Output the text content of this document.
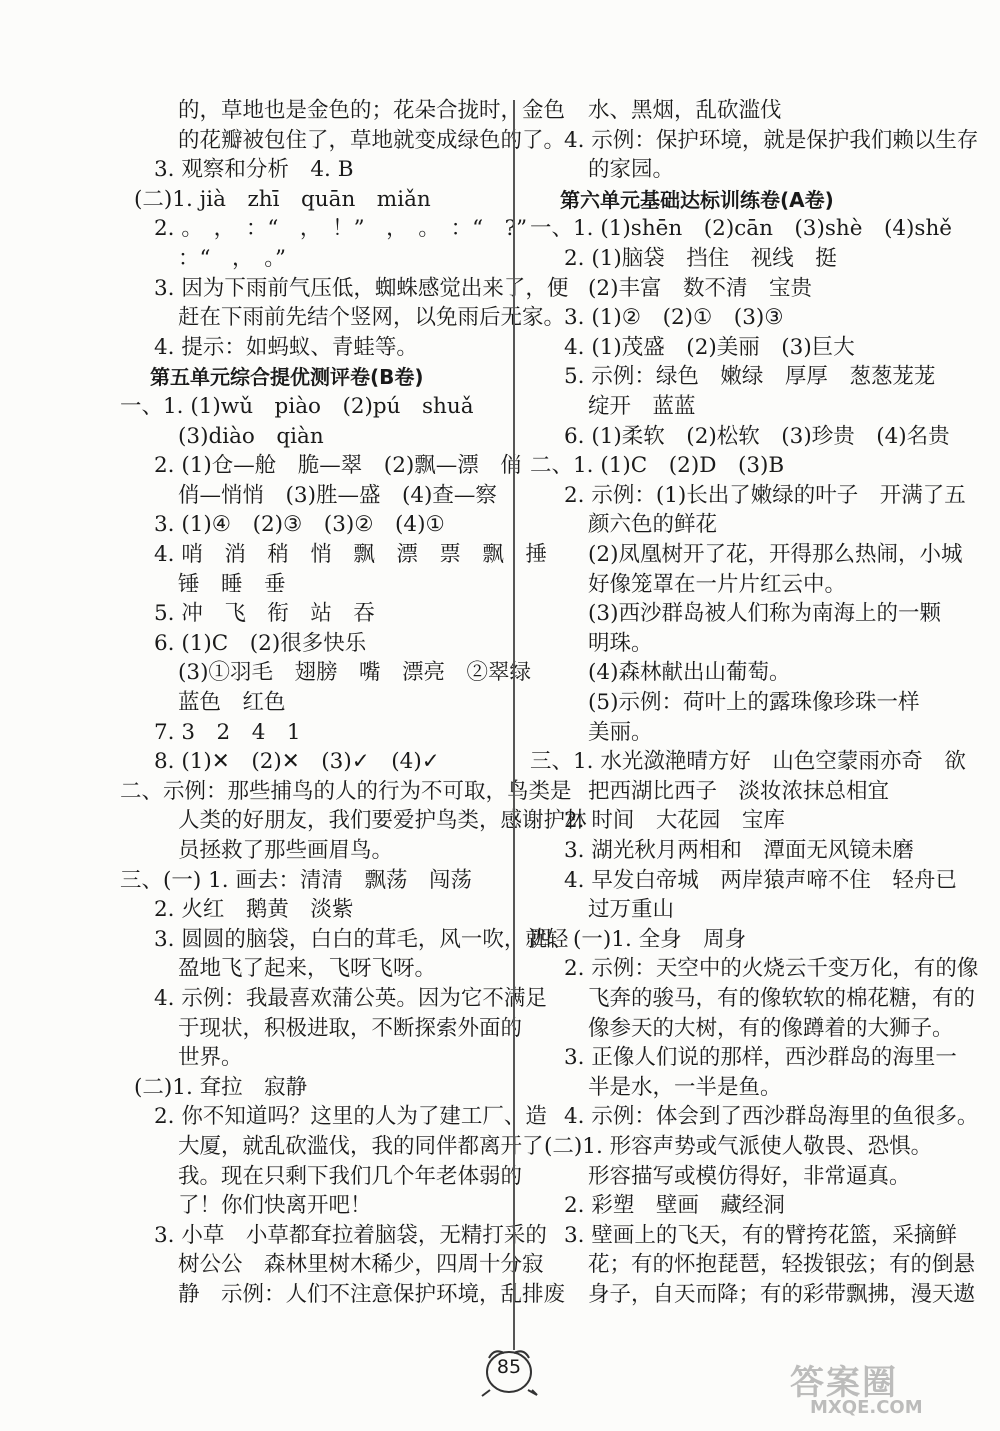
的，草地也是金色的；花朵合拢时，金色
的花瓣被包住了，草地就变成绿色的了。
3. 观察和分析　4. B
(二)1. jià　zhī　quān　miǎn
2. 。　，　：“　，　！”　，　。　：“　?”
：“　，　。”
3. 因为下雨前气压低，蜘蛛感觉出来了，便
赶在下雨前先结个竖网，以免雨后无家。
4. 提示：如蚂蚁、青蛙等。
第五单元综合提优测评卷(B卷)
一、1. (1)wǔ　piào　(2)pú　shuǎ
(3)diào　qiàn
2. (1)仓—舱　脆—翠　(2)飘—漂　俏
俏—悄悄　(3)胜—盛　(4)查—察
3. (1)④　(2)③　(3)②　(4)①
4. 哨　消　稍　悄　飘　漂　票　飘　捶
锤　睡　垂
5. 冲　飞　衔　站　吞
6. (1)C　(2)很多快乐
(3)①羽毛　翅膀　嘴　漂亮　②翠绿
蓝色　红色
7. 3　2　4　1
8. (1)✕　(2)✕　(3)✓　(4)✓
二、示例：那些捕鸟的人的行为不可取，鸟类是
人类的好朋友，我们要爱护鸟类，感谢护林
员拯救了那些画眉鸟。
三、(一) 1. 画去：清清　飘荡　闯荡
2. 火红　鹅黄　淡紫
3. 圆圆的脑袋，白白的茸毛，风一吹，就轻
盈地飞了起来，飞呀飞呀。
4. 示例：我最喜欢蒲公英。因为它不满足
于现状，积极进取，不断探索外面的
世界。
(二)1. 耷拉　寂静
2. 你不知道吗？这里的人为了建工厂、造
大厦，就乱砍滥伐，我的同伴都离开了
我。现在只剩下我们几个年老体弱的
了！你们快离开吧！
3. 小草　小草都耷拉着脑袋，无精打采的
树公公　森林里树木稀少，四周十分寂
静　示例：人们不注意保护环境，乱排废
水、黑烟，乱砍滥伐
4. 示例：保护环境，就是保护我们赖以生存
的家园。
第六单元基础达标训练卷(A卷)
一、1. (1)shēn　(2)cān　(3)shè　(4)shě
2. (1)脑袋　挡住　视线　挺
(2)丰富　数不清　宝贵
3. (1)②　(2)①　(3)③
4. (1)茂盛　(2)美丽　(3)巨大
5. 示例：绿色　嫩绿　厚厚　葱葱茏茏
绽开　蓝蓝
6. (1)柔软　(2)松软　(3)珍贵　(4)名贵
二、1. (1)C　(2)D　(3)B
2. 示例：(1)长出了嫩绿的叶子　开满了五
颜六色的鲜花
(2)凤凰树开了花，开得那么热闹，小城
好像笼罩在一片片红云中。
(3)西沙群岛被人们称为南海上的一颗
明珠。
(4)森林献出山葡萄。
(5)示例：荷叶上的露珠像珍珠一样
美丽。
三、1. 水光潋滟晴方好　山色空蒙雨亦奇　欲
把西湖比西子　淡妆浓抹总相宜
2. 时间　大花园　宝库
3. 湖光秋月两相和　潭面无风镜未磨
4. 早发白帝城　两岸猿声啼不住　轻舟已
过万重山
四、(一)1. 全身　周身
2. 示例：天空中的火烧云千变万化，有的像
飞奔的骏马，有的像软软的棉花糖，有的
像参天的大树，有的像蹲着的大狮子。
3. 正像人们说的那样，西沙群岛的海里一
半是水，一半是鱼。
4. 示例：体会到了西沙群岛海里的鱼很多。
(二)1. 形容声势或气派使人敬畏、恐惧。
形容描写或模仿得好，非常逼真。
2. 彩塑　壁画　藏经洞
3. 壁画上的飞天，有的臂挎花篮，采摘鲜
花；有的怀抱琵琶，轻拨银弦；有的倒悬
身子，自天而降；有的彩带飘拂，漫天遨
85	答案圈
MXQE.COM
